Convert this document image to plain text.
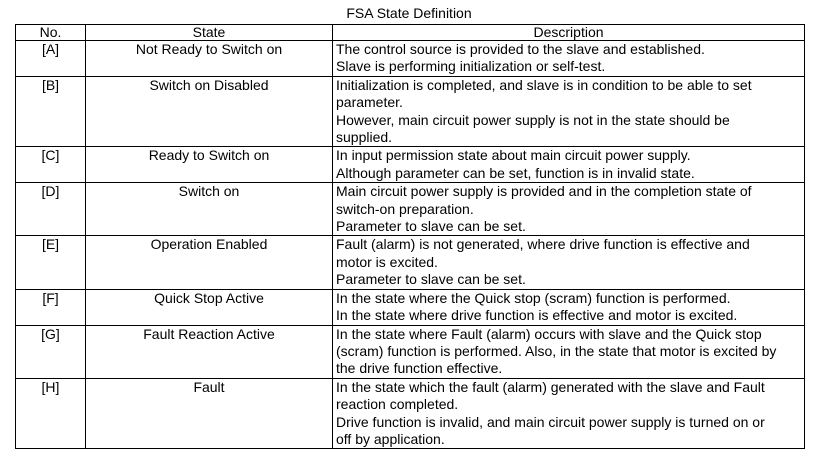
FSA State Definition
No.	State	Description
[A]	Not Ready to Switch on	The control source is provided to the slave and established.
Slave is performing initialization or self-test.

[B]	Switch on Disabled	Initialization is completed, and slave is in condition to be able to set
parameter.
However, main circuit power supply is not in the state should be
supplied.

[C]	Ready to Switch on	In input permission state about main circuit power supply.
Although parameter can be set, function is in invalid state.

[D]	Switch on	Main circuit power supply is provided and in the completion state of
switch-on preparation.
Parameter to slave can be set.

[E]	Operation Enabled	Fault (alarm) is not generated, where drive function is effective and
motor is excited.
Parameter to slave can be set.

[F]	Quick Stop Active	In the state where the Quick stop (scram) function is performed.
In the state where drive function is effective and motor is excited.

[G]	Fault Reaction Active	In the state where Fault (alarm) occurs with slave and the Quick stop
(scram) function is performed. Also, in the state that motor is excited by
the drive function effective.

[H]	Fault	In the state which the fault (alarm) generated with the slave and Fault
reaction completed.
Drive function is invalid, and main circuit power supply is turned on or
off by application.
